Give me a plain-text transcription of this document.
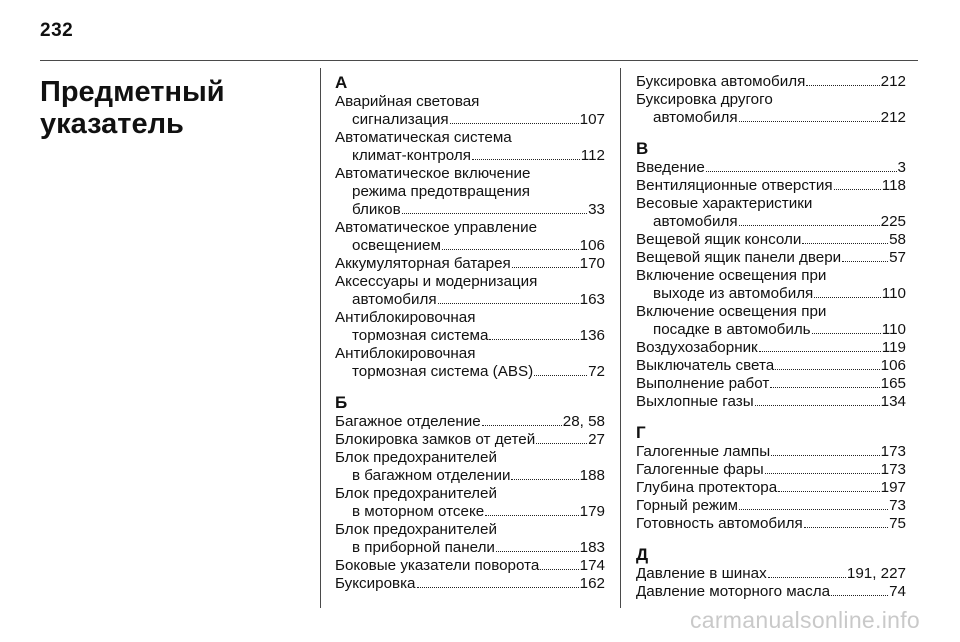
232
Предметный
указатель
А
Аварийная световая
сигнализация	107
Автоматическая система
климат-контроля	112
Автоматическое включение
режима предотвращения
бликов	33
Автоматическое управление
освещением	106
Аккумуляторная батарея	170
Аксессуары и модернизация
автомобиля	163
Антиблокировочная
тормозная система	136
Антиблокировочная
тормозная система (ABS)	72
Б
Багажное отделение	28, 58
Блокировка замков от детей	27
Блок предохранителей
в багажном отделении	188
Блок предохранителей
в моторном отсеке	179
Блок предохранителей
в приборной панели	183
Боковые указатели поворота	174
Буксировка	162
Буксировка автомобиля	212
Буксировка другого
автомобиля	212
В
Введение	3
Вентиляционные отверстия	118
Весовые характеристики
автомобиля	225
Вещевой ящик консоли	58
Вещевой ящик панели двери	57
Включение освещения при
выходе из автомобиля	110
Включение освещения при
посадке в автомобиль	110
Воздухозаборник	119
Выключатель света	106
Выполнение работ	165
Выхлопные газы	134
Г
Галогенные лампы	173
Галогенные фары	173
Глубина протектора	197
Горный режим	73
Готовность автомобиля	75
Д
Давление в шинах	191, 227
Давление моторного масла	74
carmanualsonline.info
